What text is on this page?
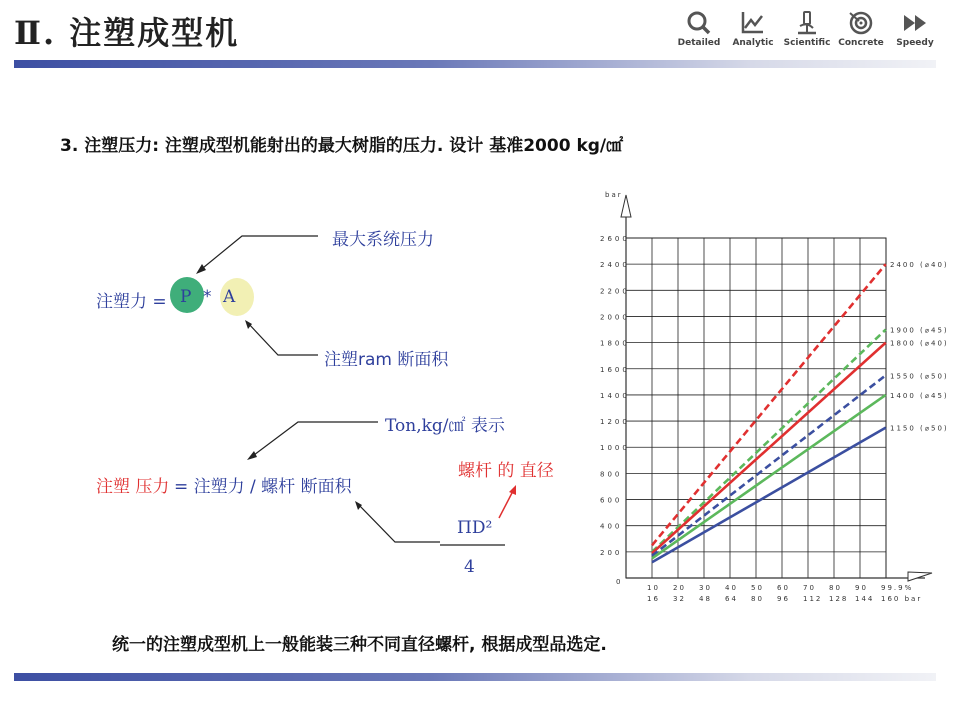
Ⅱ. 注塑成型机	Detailed	Analytic	Scientific Concrete	Speedy
3. 注塑压力: 注塑成型机能射出的最大树脂的压力. 设计 基准2000 kg/㎠
最大系统压力
注塑力 = P * A
注塑ram 断面积
Ton,kg/㎠ 表示
注塑 压力 = 注塑力 / 螺杆 断面积
螺杆 的 直径
ΠD²
4
bar
0
200
400
600
800
1000
1200
1400
1600
1800
2000
2200
2400
2600
10 20 30 40 50 60 70 80 90 99.9%
16 32 48 64 80 96 112 128 144 160 bar
2400 (⌀40)
1900 (⌀45)
1800 (⌀40)
1550 (⌀50)
1400 (⌀45)
1150 (⌀50)
统一的注塑成型机上一般能装三种不同直径螺杆, 根据成型品选定.
